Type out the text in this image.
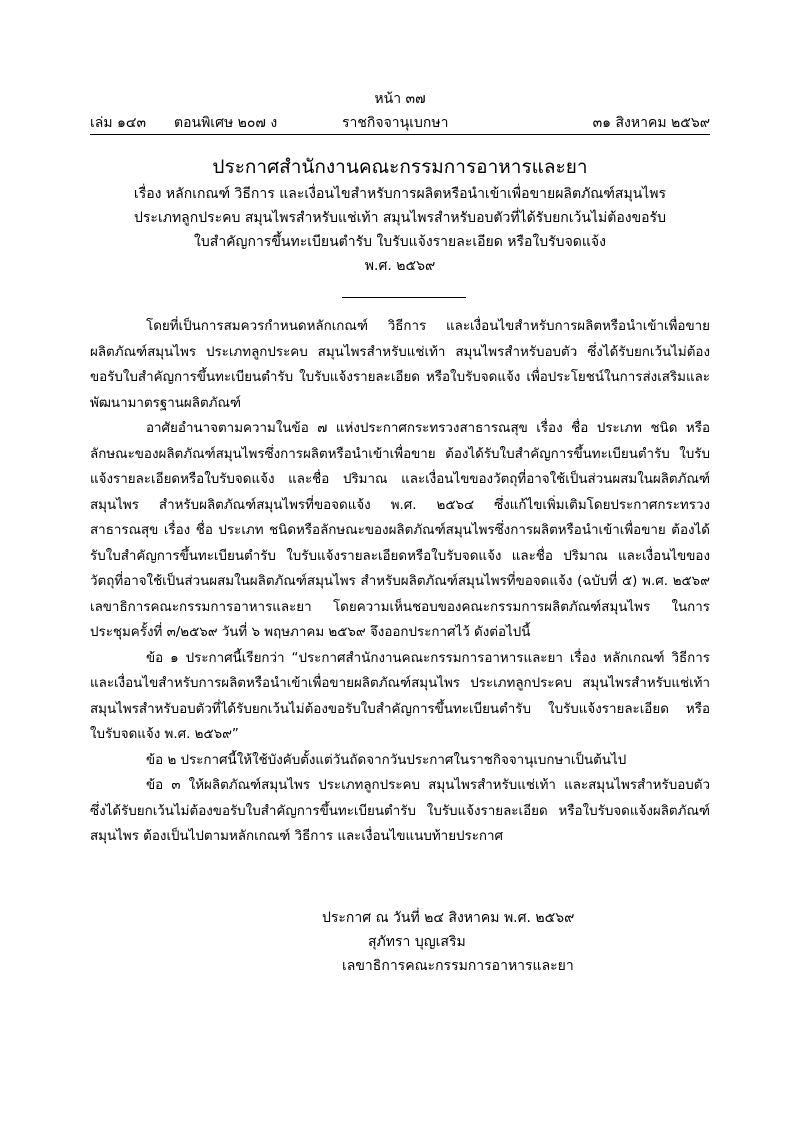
หน้า ๓๗
เล่ม ๑๔๓ ตอนพิเศษ ๒๐๗ ง	ราชกิจจานุเบกษา	๓๑ สิงหาคม ๒๕๖๙
ประกาศสำนักงานคณะกรรมการอาหารและยา
เรื่อง หลักเกณฑ์ วิธีการ และเงื่อนไขสำหรับการผลิตหรือนำเข้าเพื่อขายผลิตภัณฑ์สมุนไพร
ประเภทลูกประคบ สมุนไพรสำหรับแช่เท้า สมุนไพรสำหรับอบตัวที่ได้รับยกเว้นไม่ต้องขอรับ
ใบสำคัญการขึ้นทะเบียนตำรับ ใบรับแจ้งรายละเอียด หรือใบรับจดแจ้ง
พ.ศ. ๒๕๖๙

โดยที่เป็นการสมควรกำหนดหลักเกณฑ์ วิธีการ และเงื่อนไขสำหรับการผลิตหรือนำเข้าเพื่อขายผลิตภัณฑ์สมุนไพร ประเภทลูกประคบ สมุนไพรสำหรับแช่เท้า สมุนไพรสำหรับอบตัว ซึ่งได้รับยกเว้นไม่ต้องขอรับใบสำคัญการขึ้นทะเบียนตำรับ ใบรับแจ้งรายละเอียด หรือใบรับจดแจ้ง เพื่อประโยชน์ในการส่งเสริมและพัฒนามาตรฐานผลิตภัณฑ์

อาศัยอำนาจตามความในข้อ ๗ แห่งประกาศกระทรวงสาธารณสุข เรื่อง ชื่อ ประเภท ชนิด หรือลักษณะของผลิตภัณฑ์สมุนไพรซึ่งการผลิตหรือนำเข้าเพื่อขาย ต้องได้รับใบสำคัญการขึ้นทะเบียนตำรับ ใบรับแจ้งรายละเอียดหรือใบรับจดแจ้ง และชื่อ ปริมาณ และเงื่อนไขของวัตถุที่อาจใช้เป็นส่วนผสมในผลิตภัณฑ์สมุนไพร สำหรับผลิตภัณฑ์สมุนไพรที่ขอจดแจ้ง พ.ศ. ๒๕๖๔ ซึ่งแก้ไขเพิ่มเติมโดยประกาศกระทรวงสาธารณสุข เรื่อง ชื่อ ประเภท ชนิดหรือลักษณะของผลิตภัณฑ์สมุนไพรซึ่งการผลิตหรือนำเข้าเพื่อขาย ต้องได้รับใบสำคัญการขึ้นทะเบียนตำรับ ใบรับแจ้งรายละเอียดหรือใบรับจดแจ้ง และชื่อ ปริมาณ และเงื่อนไขของวัตถุที่อาจใช้เป็นส่วนผสมในผลิตภัณฑ์สมุนไพร สำหรับผลิตภัณฑ์สมุนไพรที่ขอจดแจ้ง (ฉบับที่ ๕) พ.ศ. ๒๕๖๙ เลขาธิการคณะกรรมการอาหารและยา โดยความเห็นชอบของคณะกรรมการผลิตภัณฑ์สมุนไพร ในการประชุมครั้งที่ ๓/๒๕๖๙ วันที่ ๖ พฤษภาคม ๒๕๖๙ จึงออกประกาศไว้ ดังต่อไปนี้

ข้อ ๑ ประกาศนี้เรียกว่า “ประกาศสำนักงานคณะกรรมการอาหารและยา เรื่อง หลักเกณฑ์ วิธีการ และเงื่อนไขสำหรับการผลิตหรือนำเข้าเพื่อขายผลิตภัณฑ์สมุนไพร ประเภทลูกประคบ สมุนไพรสำหรับแช่เท้า สมุนไพรสำหรับอบตัวที่ได้รับยกเว้นไม่ต้องขอรับใบสำคัญการขึ้นทะเบียนตำรับ ใบรับแจ้งรายละเอียด หรือใบรับจดแจ้ง พ.ศ. ๒๕๖๙”

ข้อ ๒ ประกาศนี้ให้ใช้บังคับตั้งแต่วันถัดจากวันประกาศในราชกิจจานุเบกษาเป็นต้นไป

ข้อ ๓ ให้ผลิตภัณฑ์สมุนไพร ประเภทลูกประคบ สมุนไพรสำหรับแช่เท้า และสมุนไพรสำหรับอบตัว ซึ่งได้รับยกเว้นไม่ต้องขอรับใบสำคัญการขึ้นทะเบียนตำรับ ใบรับแจ้งรายละเอียด หรือใบรับจดแจ้งผลิตภัณฑ์สมุนไพร ต้องเป็นไปตามหลักเกณฑ์ วิธีการ และเงื่อนไขแนบท้ายประกาศ

ประกาศ ณ วันที่ ๒๔ สิงหาคม พ.ศ. ๒๕๖๙
สุภัทรา บุญเสริม
เลขาธิการคณะกรรมการอาหารและยา
